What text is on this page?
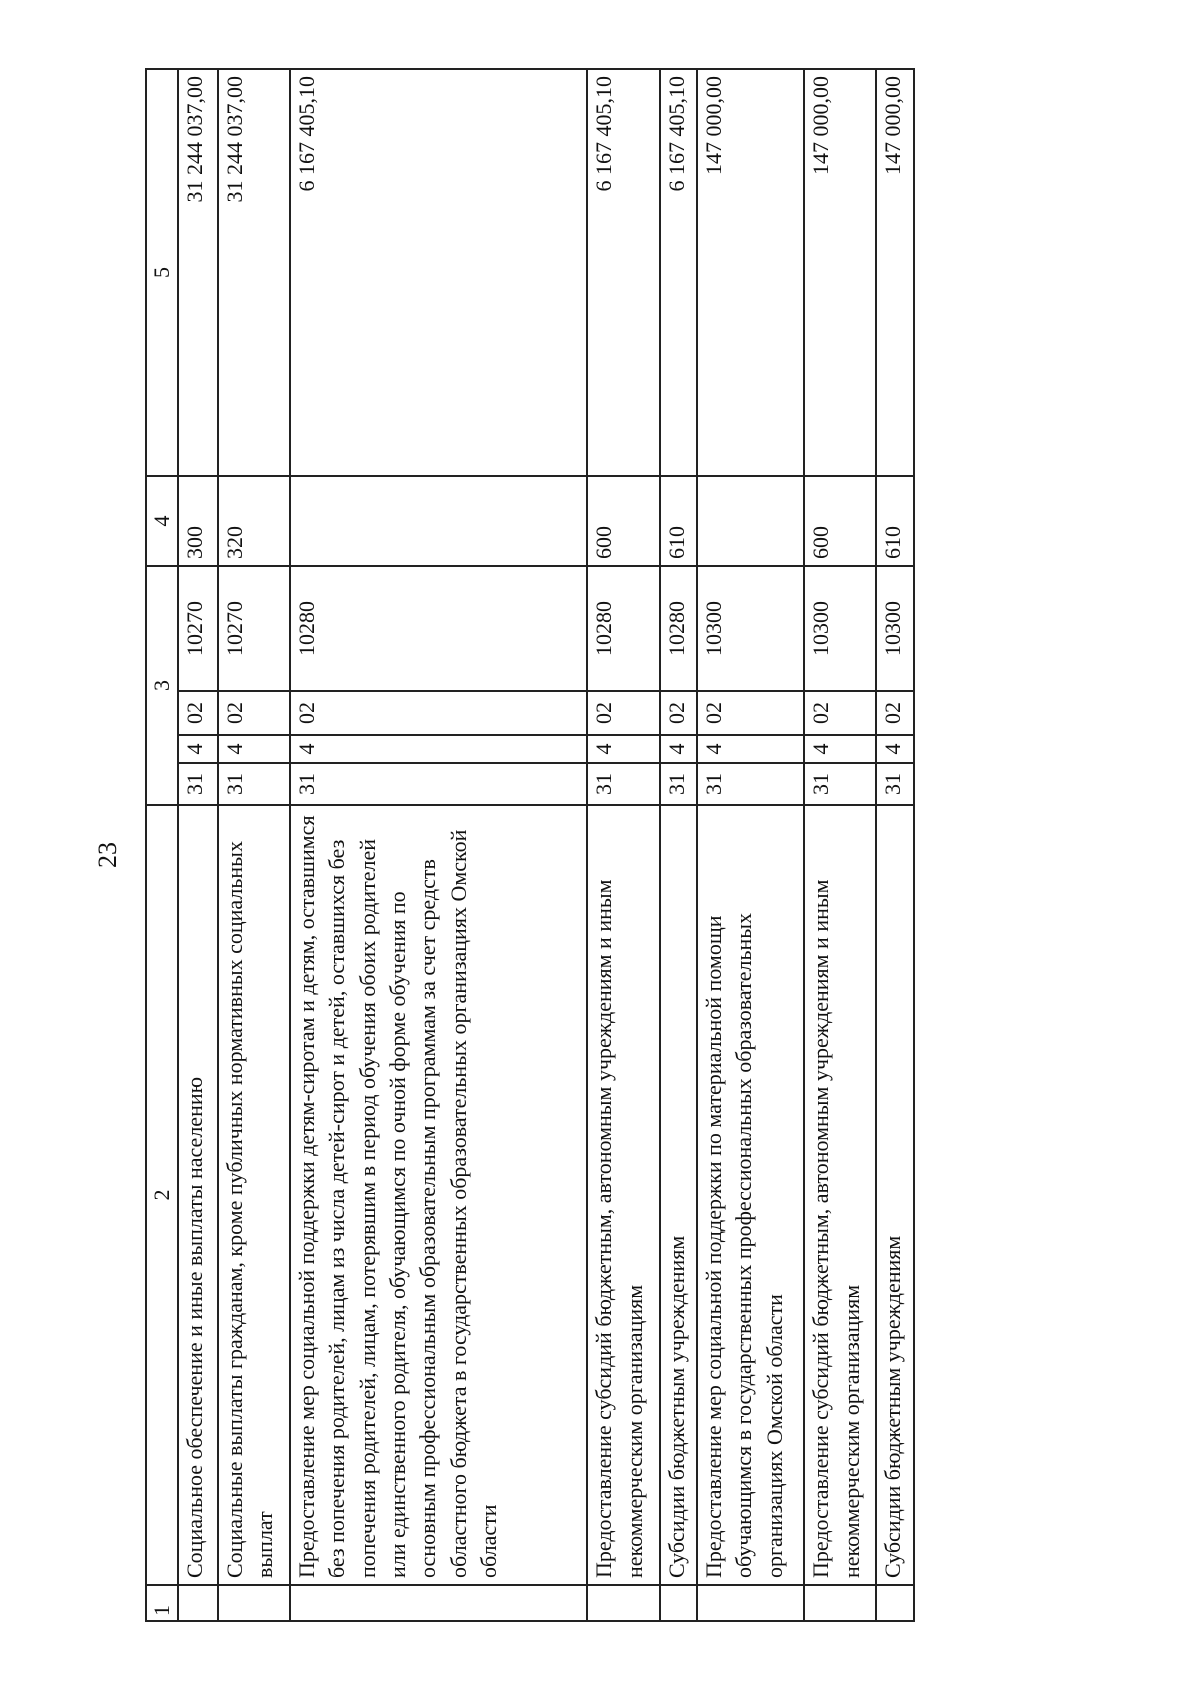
23
1	2	3				4	5
	Социальное обеспечение и иные выплаты населению	31	4	02	10270	300	31 244 037,00
	Социальные выплаты гражданам, кроме публичных нормативных социальных выплат	31	4	02	10270	320	31 244 037,00
	Предоставление мер социальной поддержки детям-сиротам и детям, оставшимся без попечения родителей, лицам из числа детей-сирот и детей, оставшихся без попечения родителей, лицам, потерявшим в период обучения обоих родителей или единственного родителя, обучающимся по очной форме обучения по основным профессиональным образовательным программам за счет средств областного бюджета в государственных образовательных организациях Омской области	31	4	02	10280		6 167 405,10
	Предоставление субсидий бюджетным, автономным учреждениям и иным некоммерческим организациям	31	4	02	10280	600	6 167 405,10
	Субсидии бюджетным учреждениям	31	4	02	10280	610	6 167 405,10
	Предоставление мер социальной поддержки по материальной помощи обучающимся в государственных профессиональных образовательных организациях Омской области	31	4	02	10300		147 000,00
	Предоставление субсидий бюджетным, автономным учреждениям и иным некоммерческим организациям	31	4	02	10300	600	147 000,00
	Субсидии бюджетным учреждениям	31	4	02	10300	610	147 000,00
